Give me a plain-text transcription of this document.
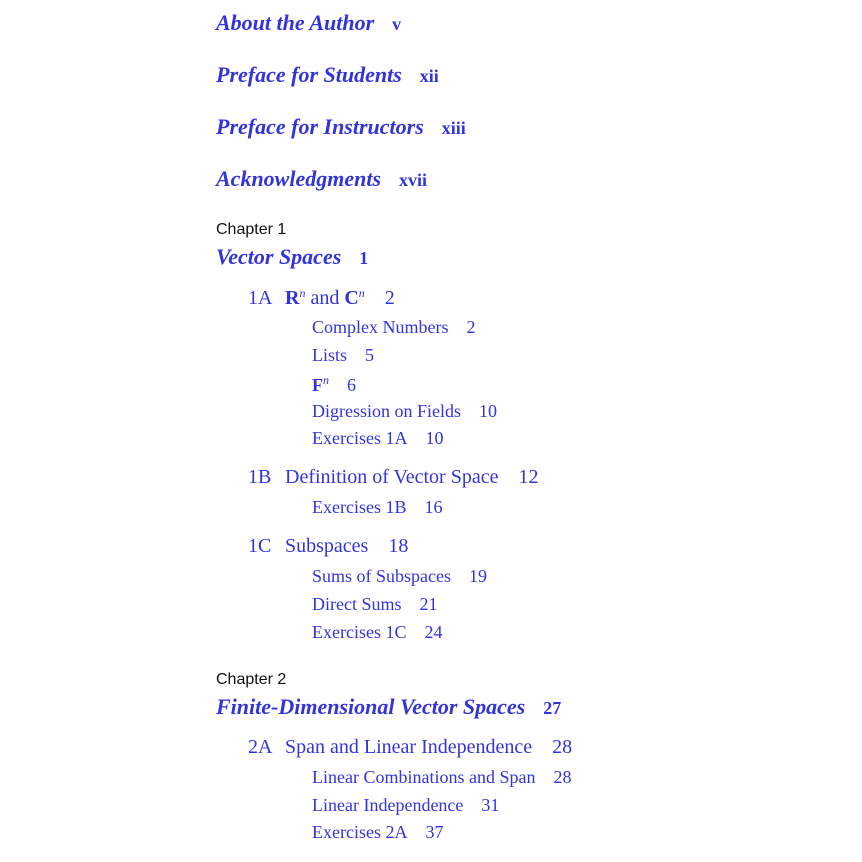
About the Author v
Preface for Students xii
Preface for Instructors xiii
Acknowledgments xvii
Chapter 1
Vector Spaces 1
1A $R^n$ and $C^n$ 2
Complex Numbers 2
Lists 5
$F^n$ 6
Digression on Fields 10
Exercises 1A 10
1B Definition of Vector Space 12
Exercises 1B 16
1C Subspaces 18
Sums of Subspaces 19
Direct Sums 21
Exercises 1C 24
Chapter 2
Finite-Dimensional Vector Spaces 27
2A Span and Linear Independence 28
Linear Combinations and Span 28
Linear Independence 31
Exercises 2A 37
